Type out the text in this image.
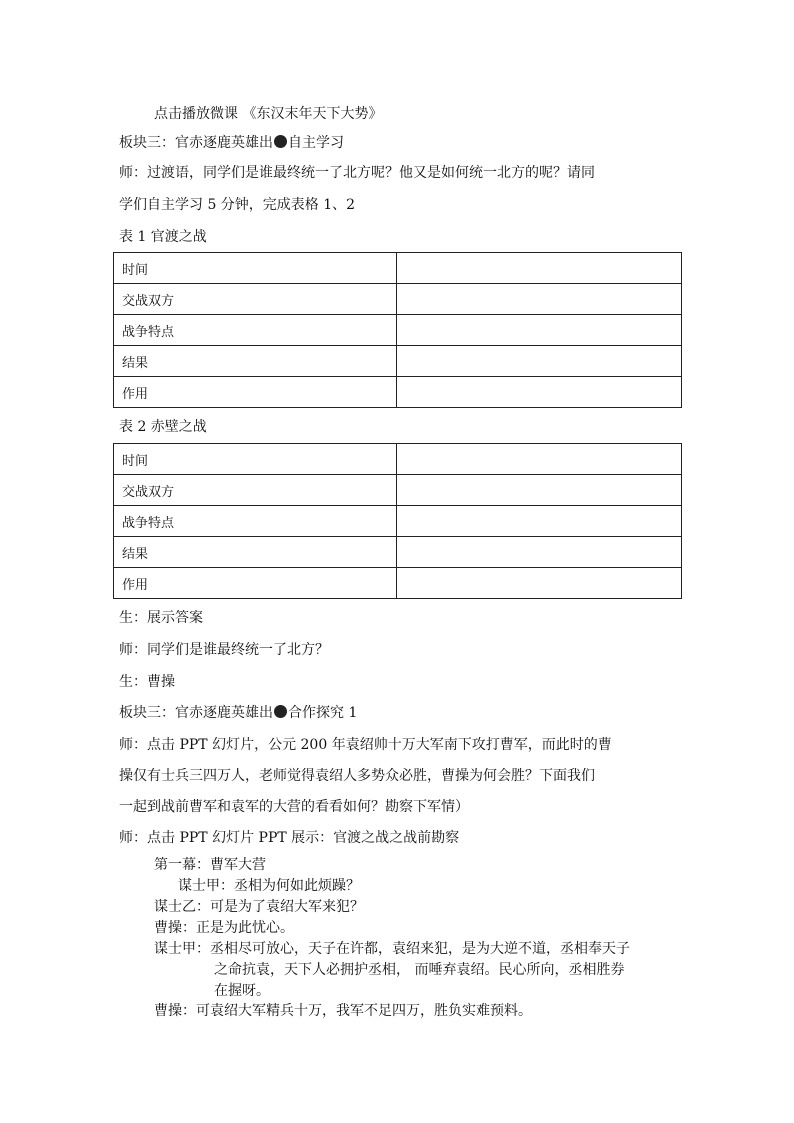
点击播放微课 《东汉末年天下大势》
板块三：官赤逐鹿英雄出 自主学习
师：过渡语，同学们是谁最终统一了北方呢？他又是如何统一北方的呢？请同
学们自主学习 5 分钟，完成表格 1、2
表 1 官渡之战
时间	
交战双方	
战争特点	
结果	
作用	
表 2 赤壁之战
时间	
交战双方	
战争特点	
结果	
作用	
生：展示答案
师：同学们是谁最终统一了北方？
生：曹操
板块三：官赤逐鹿英雄出 合作探究 1
师：点击 PPT 幻灯片，公元 200 年袁绍帅十万大军南下攻打曹军，而此时的曹
操仅有士兵三四万人，老师觉得袁绍人多势众必胜，曹操为何会胜？下面我们
一起到战前曹军和袁军的大营的看看如何？勘察下军情）
师：点击 PPT 幻灯片 PPT 展示：官渡之战之战前勘察
第一幕：曹军大营
谋士甲：丞相为何如此烦躁？
谋士乙：可是为了袁绍大军来犯？
曹操：正是为此忧心。
谋士甲：丞相尽可放心，天子在许都，袁绍来犯，是为大逆不道，丞相奉天子
之命抗袁，天下人必拥护丞相， 而唾弃袁绍。民心所向，丞相胜券
在握呀。
曹操：可袁绍大军精兵十万，我军不足四万，胜负实难预料。
